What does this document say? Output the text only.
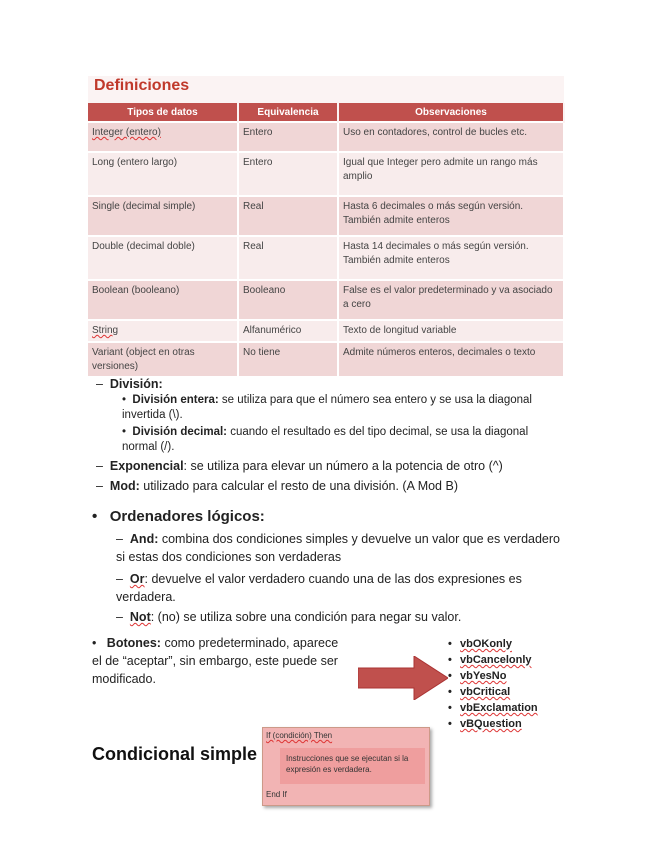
Definiciones
Tipos de datos	Equivalencia	Observaciones
Integer (entero)	Entero	Uso en contadores, control de bucles etc.
Long (entero largo)	Entero	Igual que Integer pero admite un rango más amplio
Single (decimal simple)	Real	Hasta 6 decimales o más según versión. También admite enteros
Double (decimal doble)	Real	Hasta 14 decimales o más según versión. También admite enteros
Boolean (booleano)	Booleano	False es el valor predeterminado y va asociado a cero
String	Alfanumérico	Texto de longitud variable
Variant (object en otras versiones)	No tiene	Admite números enteros, decimales o texto
–  División:
•  División entera: se utiliza para que el número sea entero y se usa la diagonal invertida (\).
•  División decimal: cuando el resultado es del tipo decimal, se usa la diagonal normal (/).
–  Exponencial: se utiliza para elevar un número a la potencia de otro (^)
–  Mod: utilizado para calcular el resto de una división. (A Mod B)
•   Ordenadores lógicos:
–  And: combina dos condiciones simples y devuelve un valor que es verdadero si estas dos condiciones son verdaderas
–  Or: devuelve el valor verdadero cuando una de las dos expresiones es verdadera.
–  Not: (no) se utiliza sobre una condición para negar su valor.
•   Botones: como predeterminado, aparece el de “aceptar”, sin embargo, este puede ser modificado.
• vbOKonly
• vbCancelonly
• vbYesNo
• vbCritical
• vbExclamation
• vBQuestion
Condicional simple
If (condición) Then
Instrucciones que se ejecutan si la expresión es verdadera.
End If
